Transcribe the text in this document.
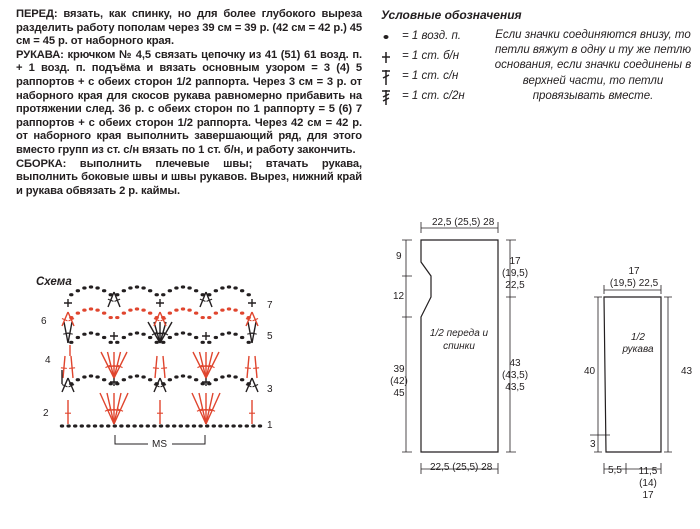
ПЕРЕД: вязать, как спинку, но для более глубокого выреза разделить работу пополам через 39 см = 39 р. (42 см = 42 р.) 45 см = 45 р. от наборного края.

РУКАВА: крючком № 4,5 связать цепочку из 41 (51) 61 возд. п. + 1 возд. п. подъёма и вязать основным узором = 3 (4) 5 раппортов + с обеих сторон 1/2 раппорта. Через 3 см = 3 р. от наборного края для скосов рукава равномерно прибавить на протяжении след. 36 р. с обеих сторон по 1 раппорту = 5 (6) 7 раппортов + с обеих сторон 1/2 раппорта. Через 42 см = 42 р. от наборного края выполнить завершающий ряд, для этого вместо групп из ст. с/н вязать по 1 ст. б/н, и работу закончить.

СБОРКА: выполнить плечевые швы; втачать рукава, выполнить боковые швы и швы рукавов. Вырез, нижний край и рукава обвязать 2 р. каймы.

Условные обозначения
= 1 возд. п.
= 1 ст. б/н
= 1 ст. с/н
= 1 ст. с/2н
Если значки соединяются внизу, то петли вяжут в одну и ту же петлю основания, если значки соединены в верхней части, то петли провязывать вместе.
Схема
6
4
2
7
5
3
1
MS
22,5 (25,5) 28
9
12
22,5 (25,5) 28
1/2 переда и спинки
17 (19,5) 22,5
39 (42) 45
43 (43,5) 43,5
40	43
3
5,5
17 (19,5) 22,5
1/2 рукава
11,5 (14) 17
